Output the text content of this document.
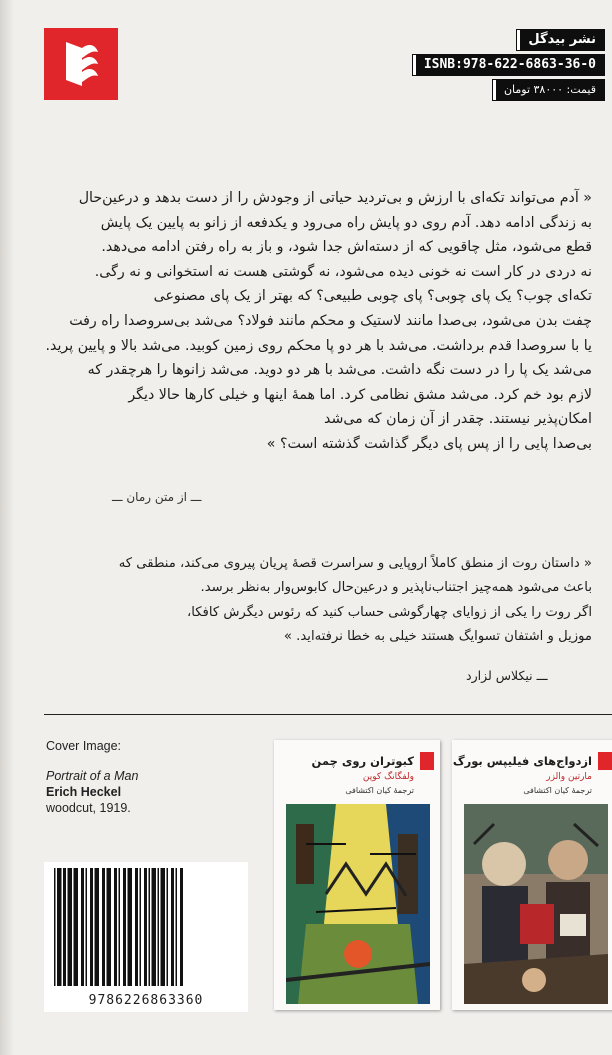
نشر بیدگل
ISNB:978-622-6863-36-0
قیمت: ۳۸۰۰۰ تومان

« آدم می‌تواند تکه‌ای با ارزش و بی‌تردید حیاتی از وجودش را از دست بدهد و درعین‌حال

به زندگی ادامه دهد. آدم روی دو پایش راه می‌رود و یکدفعه از زانو به پایین یک پایش

قطع می‌شود، مثل چاقویی که از دسته‌اش جدا شود، و باز به راه رفتن ادامه می‌دهد.

نه دردی در کار است نه خونی دیده می‌شود، نه گوشتی هست نه استخوانی و نه رگی.

تکه‌ای چوب؟ یک پای چوبی؟ پای چوبی طبیعی؟ که بهتر از یک پای مصنوعی

چفت بدن می‌شود، بی‌صدا مانند لاستیک و محکم مانند فولاد؟ می‌شد بی‌سروصدا راه رفت

یا با سروصدا قدم برداشت. می‌شد با هر دو پا محکم روی زمین کوبید. می‌شد بالا و پایین پرید.

می‌شد یک پا را در دست نگه داشت. می‌شد با هر دو دوید. می‌شد زانوها را هرچقدر که

لازم بود خم کرد. می‌شد مشق نظامی کرد. اما همهٔ اینها و خیلی کارها حالا دیگر

امکان‌پذیر نیستند. چقدر از آن زمان که می‌شد

بی‌صدا پایی را از پس پای دیگر گذاشت گذشته است؟ »

ـــ از متن رمان ـــ

« داستان روت از منطق کاملاً اروپایی و سراسرت قصهٔ پریان پیروی می‌کند، منطقی که

باعث می‌شود همه‌چیز اجتناب‌ناپذیر و درعین‌حال کابوس‌وار به‌نظر برسد.

اگر روت را یکی از زوایای چهارگوشی حساب کنید که رئوس دیگرش کافکا،

موزیل و اشتفان تسوایگ هستند خیلی به خطا نرفته‌اید. »

ـــ نیکلاس لزارد
Cover Image:
Portrait of a Man
Erich Heckel
woodcut, 1919.
9786226863360
کبوتران روی چمن
ولفگانگ کوپن
ترجمهٔ کیان اکتشافی
ازدواج‌های فیلیپس بورگ
مارتین والزر
ترجمهٔ کیان اکتشافی
